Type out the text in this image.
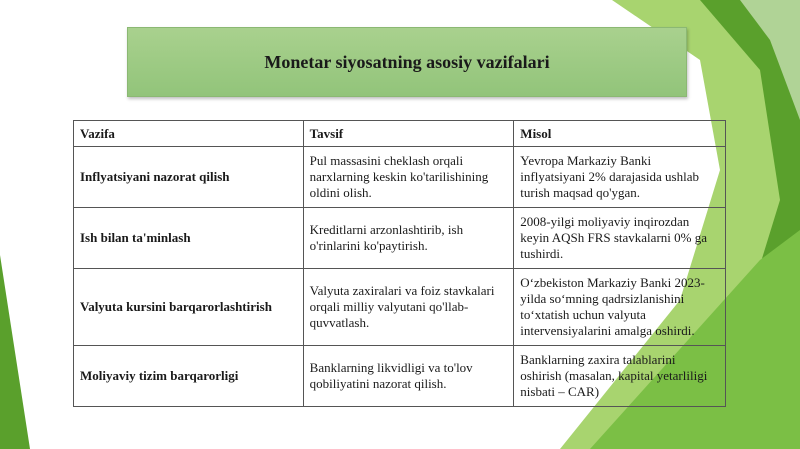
Monetar siyosatning asosiy vazifalari
Vazifa	Tavsif	Misol
Inflyatsiyani nazorat qilish	Pul massasini cheklash orqali narxlarning keskin ko'tarilishining oldini olish.	Yevropa Markaziy Banki inflyatsiyani 2% darajasida ushlab turish maqsad qo'ygan.
Ish bilan ta'minlash	Kreditlarni arzonlashtirib, ish o'rinlarini ko'paytirish.	2008-yilgi moliyaviy inqirozdan keyin AQSh FRS stavkalarni 0% ga tushirdi.
Valyuta kursini barqarorlashtirish	Valyuta zaxiralari va foiz stavkalari orqali milliy valyutani qo'llab-quvvatlash.	O‘zbekiston Markaziy Banki 2023-yilda so‘mning qadrsizlanishini to‘xtatish uchun valyuta intervensiyalarini amalga oshirdi.
Moliyaviy tizim barqarorligi	Banklarning likvidligi va to'lov qobiliyatini nazorat qilish.	Banklarning zaxira talablarini oshirish (masalan, kapital yetarliligi nisbati – CAR)
